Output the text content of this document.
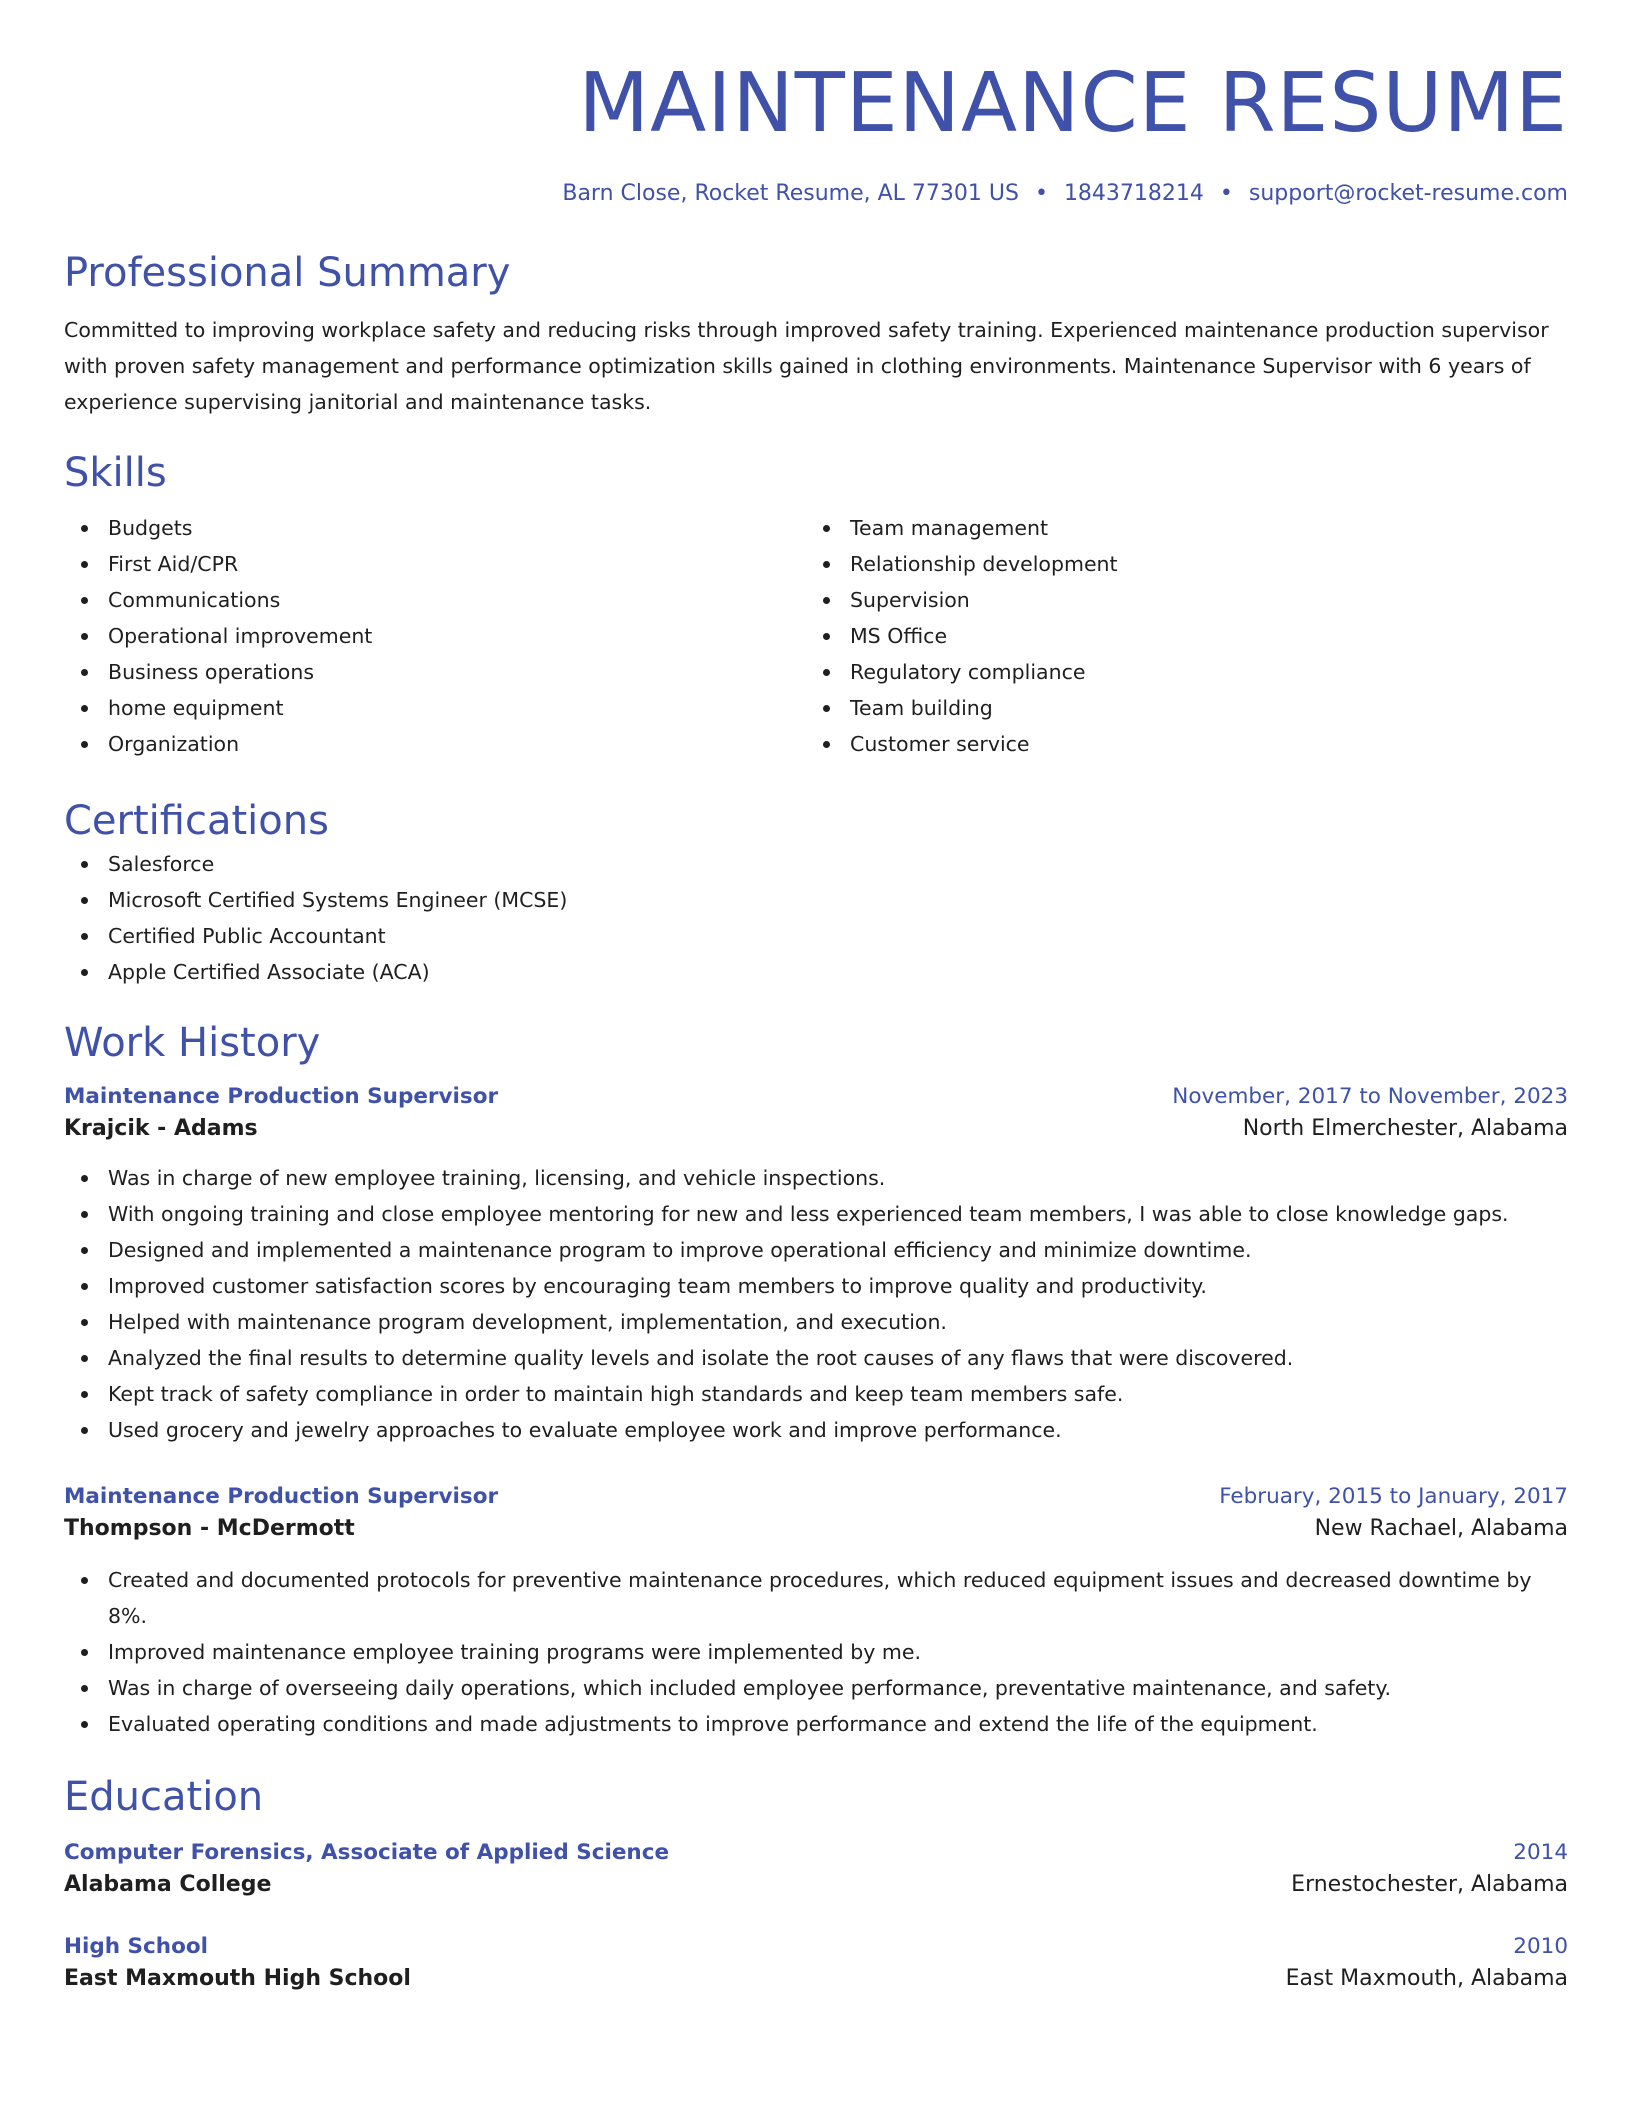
MAINTENANCE RESUME
Barn Close, Rocket Resume, AL 77301 US • 1843718214 • support@rocket-resume.com
Professional Summary

Committed to improving workplace safety and reducing risks through improved safety training. Experienced maintenance production supervisor with proven safety management and performance optimization skills gained in clothing environments. Maintenance Supervisor with 6 years of experience supervising janitorial and maintenance tasks.

Skills
Budgets
First Aid/CPR
Communications
Operational improvement
Business operations
home equipment
Organization
Team management
Relationship development
Supervision
MS Office
Regulatory compliance
Team building
Customer service
Certifications
Salesforce
Microsoft Certified Systems Engineer (MCSE)
Certified Public Accountant
Apple Certified Associate (ACA)
Work History
Maintenance Production Supervisor	November, 2017 to November, 2023
Krajcik - Adams	North Elmerchester, Alabama
Was in charge of new employee training, licensing, and vehicle inspections.
With ongoing training and close employee mentoring for new and less experienced team members, I was able to close knowledge gaps.
Designed and implemented a maintenance program to improve operational efficiency and minimize downtime.
Improved customer satisfaction scores by encouraging team members to improve quality and productivity.
Helped with maintenance program development, implementation, and execution.
Analyzed the final results to determine quality levels and isolate the root causes of any flaws that were discovered.
Kept track of safety compliance in order to maintain high standards and keep team members safe.
Used grocery and jewelry approaches to evaluate employee work and improve performance.
Maintenance Production Supervisor	February, 2015 to January, 2017
Thompson - McDermott	New Rachael, Alabama
Created and documented protocols for preventive maintenance procedures, which reduced equipment issues and decreased downtime by 8%.
Improved maintenance employee training programs were implemented by me.
Was in charge of overseeing daily operations, which included employee performance, preventative maintenance, and safety.
Evaluated operating conditions and made adjustments to improve performance and extend the life of the equipment.
Education
Computer Forensics, Associate of Applied Science	2014
Alabama College	Ernestochester, Alabama
High School	2010
East Maxmouth High School	East Maxmouth, Alabama
